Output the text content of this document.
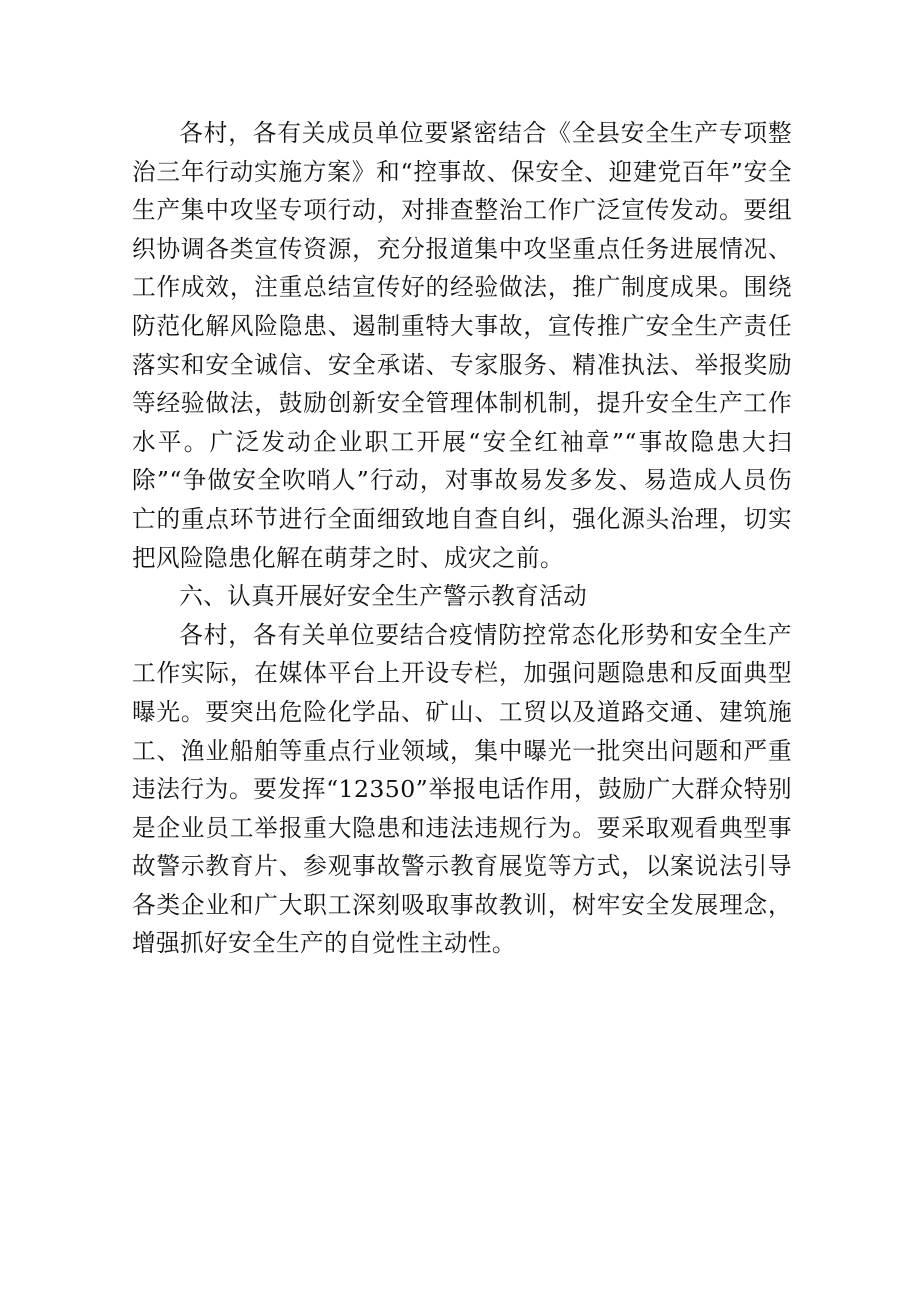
各村，各有关成员单位要紧密结合《全县安全生产专项整治三年行动实施方案》和“控事故、保安全、迎建党百年”安全生产集中攻坚专项行动，对排查整治工作广泛宣传发动。要组织协调各类宣传资源，充分报道集中攻坚重点任务进展情况、工作成效，注重总结宣传好的经验做法，推广制度成果。围绕防范化解风险隐患、遏制重特大事故，宣传推广安全生产责任落实和安全诚信、安全承诺、专家服务、精准执法、举报奖励等经验做法，鼓励创新安全管理体制机制，提升安全生产工作水平。广泛发动企业职工开展“安全红袖章”“事故隐患大扫除”“争做安全吹哨人”行动，对事故易发多发、易造成人员伤亡的重点环节进行全面细致地自查自纠，强化源头治理，切实把风险隐患化解在萌芽之时、成灾之前。

六、认真开展好安全生产警示教育活动

各村，各有关单位要结合疫情防控常态化形势和安全生产工作实际，在媒体平台上开设专栏，加强问题隐患和反面典型曝光。要突出危险化学品、矿山、工贸以及道路交通、建筑施工、渔业船舶等重点行业领域，集中曝光一批突出问题和严重违法行为。要发挥“12350”举报电话作用，鼓励广大群众特别是企业员工举报重大隐患和违法违规行为。要采取观看典型事故警示教育片、参观事故警示教育展览等方式，以案说法引导各类企业和广大职工深刻吸取事故教训，树牢安全发展理念，增强抓好安全生产的自觉性主动性。
